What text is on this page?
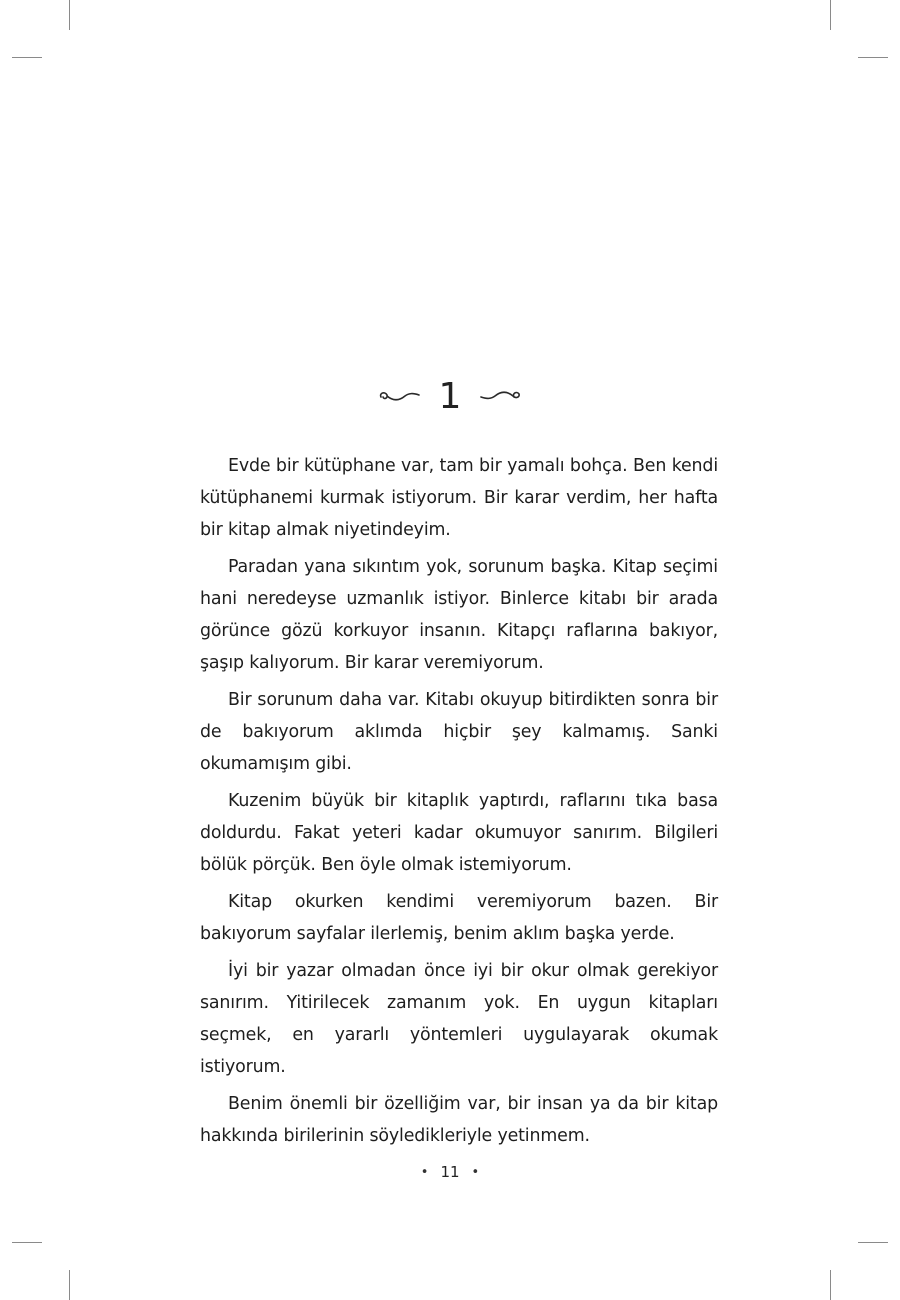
1

Evde bir kütüphane var, tam bir yamalı bohça. Ben kendi kütüphanemi kurmak istiyorum. Bir karar verdim, her hafta bir kitap almak niyetindeyim.

Paradan yana sıkıntım yok, sorunum başka. Kitap seçimi hani neredeyse uzmanlık istiyor. Binlerce kitabı bir arada görünce gözü korkuyor insanın. Kitapçı raflarına bakıyor, şaşıp kalıyorum. Bir karar veremiyorum.

Bir sorunum daha var. Kitabı okuyup bitirdikten sonra bir de bakıyorum aklımda hiçbir şey kalmamış. Sanki okumamışım gibi.

Kuzenim büyük bir kitaplık yaptırdı, raflarını tıka basa doldurdu. Fakat yeteri kadar okumuyor sanırım. Bilgileri bölük pörçük. Ben öyle olmak istemiyorum.

Kitap okurken kendimi veremiyorum bazen. Bir bakıyorum sayfalar ilerlemiş, benim aklım başka yerde.

İyi bir yazar olmadan önce iyi bir okur olmak gerekiyor sanırım. Yitirilecek zamanım yok. En uygun kitapları seçmek, en yararlı yöntemleri uygulayarak okumak istiyorum.

Benim önemli bir özelliğim var, bir insan ya da bir kitap hakkında birilerinin söyledikleriyle yetinmem.

• 11 •
